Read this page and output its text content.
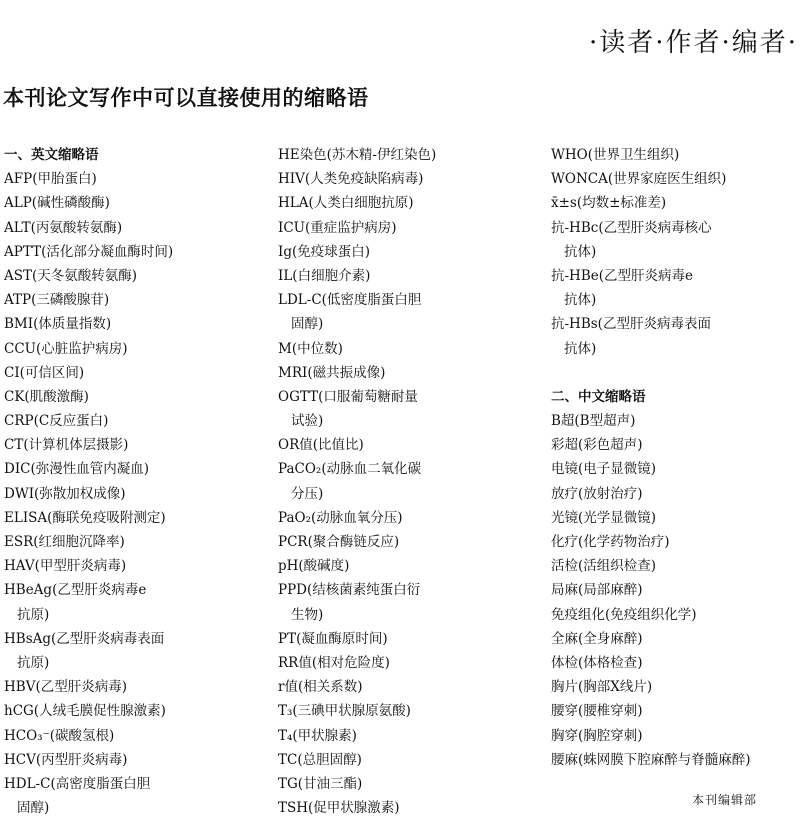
·读者·作者·编者·
本刊论文写作中可以直接使用的缩略语
一、英文缩略语
AFP(甲胎蛋白)
ALP(碱性磷酸酶)
ALT(丙氨酸转氨酶)
APTT(活化部分凝血酶时间)
AST(天冬氨酸转氨酶)
ATP(三磷酸腺苷)
BMI(体质量指数)
CCU(心脏监护病房)
CI(可信区间)
CK(肌酸激酶)
CRP(C反应蛋白)
CT(计算机体层摄影)
DIC(弥漫性血管内凝血)
DWI(弥散加权成像)
ELISA(酶联免疫吸附测定)
ESR(红细胞沉降率)
HAV(甲型肝炎病毒)
HBeAg(乙型肝炎病毒e
抗原)
HBsAg(乙型肝炎病毒表面
抗原)
HBV(乙型肝炎病毒)
hCG(人绒毛膜促性腺激素)
HCO₃⁻(碳酸氢根)
HCV(丙型肝炎病毒)
HDL-C(高密度脂蛋白胆
固醇)
HE染色(苏木精-伊红染色)
HIV(人类免疫缺陷病毒)
HLA(人类白细胞抗原)
ICU(重症监护病房)
Ig(免疫球蛋白)
IL(白细胞介素)
LDL-C(低密度脂蛋白胆
固醇)
M(中位数)
MRI(磁共振成像)
OGTT(口服葡萄糖耐量
试验)
OR值(比值比)
PaCO₂(动脉血二氧化碳
分压)
PaO₂(动脉血氧分压)
PCR(聚合酶链反应)
pH(酸碱度)
PPD(结核菌素纯蛋白衍
生物)
PT(凝血酶原时间)
RR值(相对危险度)
r值(相关系数)
T₃(三碘甲状腺原氨酸)
T₄(甲状腺素)
TC(总胆固醇)
TG(甘油三酯)
TSH(促甲状腺激素)
WHO(世界卫生组织)
WONCA(世界家庭医生组织)
x̄±s(均数±标准差)
抗-HBc(乙型肝炎病毒核心
抗体)
抗-HBe(乙型肝炎病毒e
抗体)
抗-HBs(乙型肝炎病毒表面
抗体)
二、中文缩略语
B超(B型超声)
彩超(彩色超声)
电镜(电子显微镜)
放疗(放射治疗)
光镜(光学显微镜)
化疗(化学药物治疗)
活检(活组织检查)
局麻(局部麻醉)
免疫组化(免疫组织化学)
全麻(全身麻醉)
体检(体格检查)
胸片(胸部X线片)
腰穿(腰椎穿刺)
胸穿(胸腔穿刺)
腰麻(蛛网膜下腔麻醉与脊髓麻醉)
本刊编辑部
